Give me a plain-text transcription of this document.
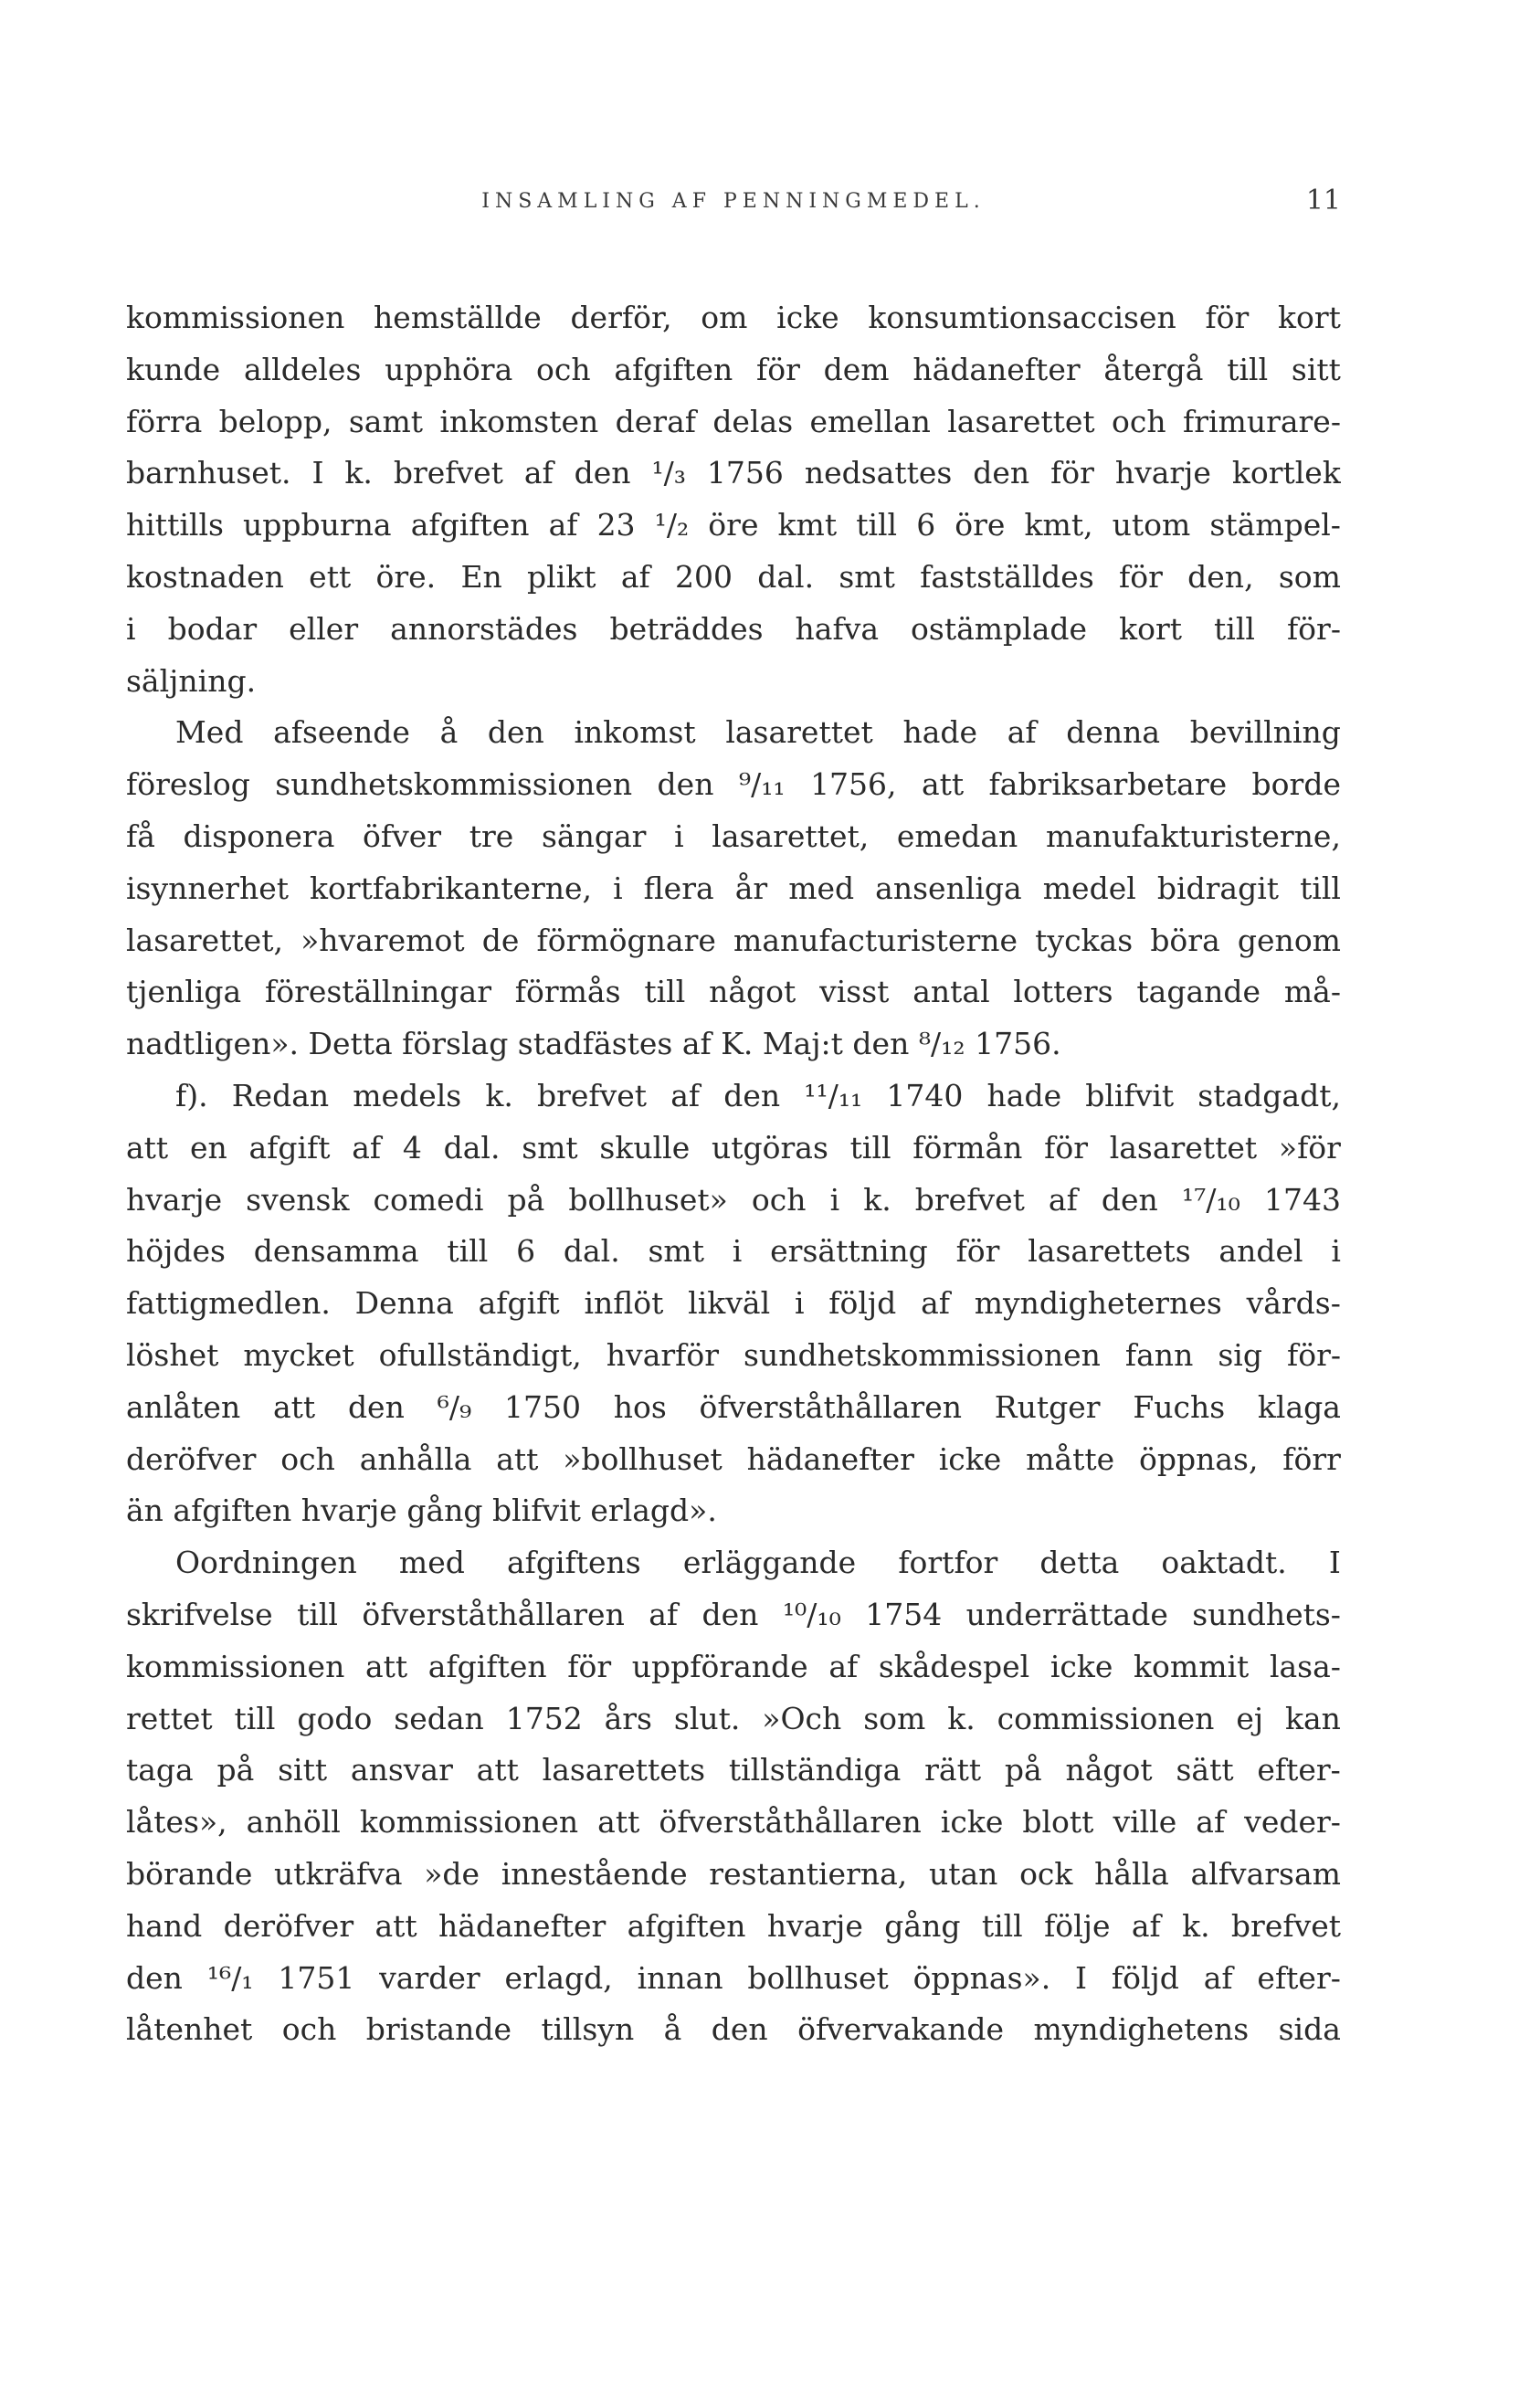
INSAMLING AF PENNINGMEDEL.	11
kommissionen hemställde derför, om icke konsumtionsaccisen för kort
kunde alldeles upphöra och afgiften för dem hädanefter återgå till sitt
förra belopp, samt inkomsten deraf delas emellan lasarettet och frimurare-
barnhuset. I k. brefvet af den ¹/₃ 1756 nedsattes den för hvarje kortlek
hittills uppburna afgiften af 23 ¹/₂ öre kmt till 6 öre kmt, utom stämpel-
kostnaden ett öre. En plikt af 200 dal. smt fastställdes för den, som
i bodar eller annorstädes beträddes hafva ostämplade kort till för-
säljning.
Med afseende å den inkomst lasarettet hade af denna bevillning
föreslog sundhetskommissionen den ⁹/₁₁ 1756, att fabriksarbetare borde
få disponera öfver tre sängar i lasarettet, emedan manufakturisterne,
isynnerhet kortfabrikanterne, i flera år med ansenliga medel bidragit till
lasarettet, »hvaremot de förmögnare manufacturisterne tyckas böra genom
tjenliga föreställningar förmås till något visst antal lotters tagande må-
nadtligen». Detta förslag stadfästes af K. Maj:t den ⁸/₁₂ 1756.
f). Redan medels k. brefvet af den ¹¹/₁₁ 1740 hade blifvit stadgadt,
att en afgift af 4 dal. smt skulle utgöras till förmån för lasarettet »för
hvarje svensk comedi på bollhuset» och i k. brefvet af den ¹⁷/₁₀ 1743
höjdes densamma till 6 dal. smt i ersättning för lasarettets andel i
fattigmedlen. Denna afgift inflöt likväl i följd af myndigheternes vårds-
löshet mycket ofullständigt, hvarför sundhetskommissionen fann sig för-
anlåten att den ⁶/₉ 1750 hos öfverståthållaren Rutger Fuchs klaga
deröfver och anhålla att »bollhuset hädanefter icke måtte öppnas, förr
än afgiften hvarje gång blifvit erlagd».
Oordningen med afgiftens erläggande fortfor detta oaktadt. I
skrifvelse till öfverståthållaren af den ¹⁰/₁₀ 1754 underrättade sundhets-
kommissionen att afgiften för uppförande af skådespel icke kommit lasa-
rettet till godo sedan 1752 års slut. »Och som k. commissionen ej kan
taga på sitt ansvar att lasarettets tillständiga rätt på något sätt efter-
låtes», anhöll kommissionen att öfverståthållaren icke blott ville af veder-
börande utkräfva »de innestående restantierna, utan ock hålla alfvarsam
hand deröfver att hädanefter afgiften hvarje gång till följe af k. brefvet
den ¹⁶/₁ 1751 varder erlagd, innan bollhuset öppnas». I följd af efter-
låtenhet och bristande tillsyn å den öfvervakande myndighetens sida
